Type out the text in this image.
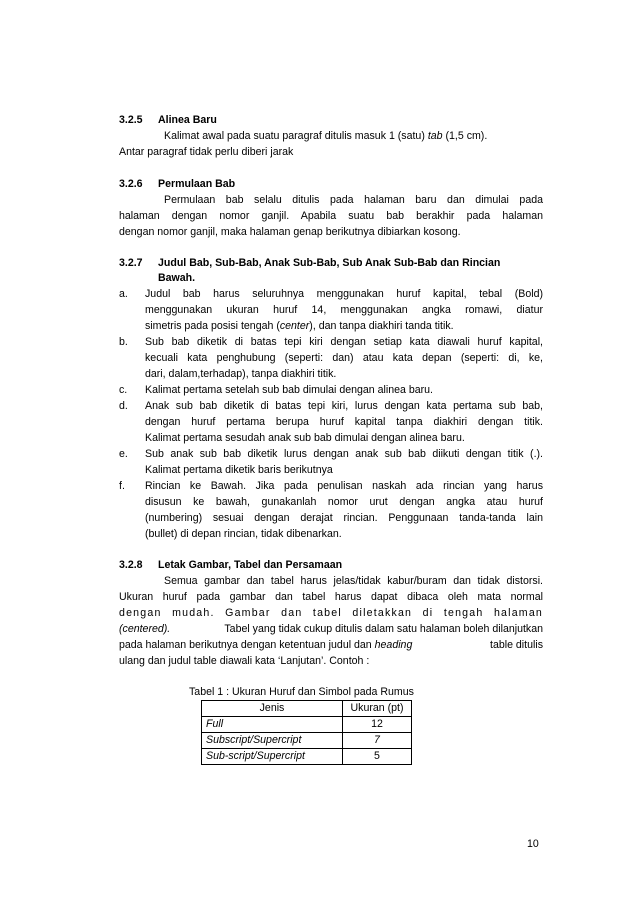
3.2.5 Alinea Baru
Kalimat awal pada suatu paragraf ditulis masuk 1 (satu) tab (1,5 cm).
Antar paragraf tidak perlu diberi jarak
3.2.6 Permulaan Bab
Permulaan bab selalu ditulis pada halaman baru dan dimulai pada
halaman dengan nomor ganjil. Apabila suatu bab berakhir pada halaman
dengan nomor ganjil, maka halaman genap berikutnya dibiarkan kosong.
3.2.7 Judul Bab, Sub-Bab, Anak Sub-Bab, Sub Anak Sub-Bab dan Rincian
Bawah.
a. Judul bab harus seluruhnya menggunakan huruf kapital, tebal (Bold)
menggunakan ukuran huruf 14, menggunakan angka romawi, diatur
simetris pada posisi tengah (center), dan tanpa diakhiri tanda titik.
b. Sub bab diketik di batas tepi kiri dengan setiap kata diawali huruf kapital,
kecuali kata penghubung (seperti: dan) atau kata depan (seperti: di, ke,
dari, dalam,terhadap), tanpa diakhiri titik.
c. Kalimat pertama setelah sub bab dimulai dengan alinea baru.
d. Anak sub bab diketik di batas tepi kiri, lurus dengan kata pertama sub bab,
dengan huruf pertama berupa huruf kapital tanpa diakhiri dengan titik.
Kalimat pertama sesudah anak sub bab dimulai dengan alinea baru.
e. Sub anak sub bab diketik lurus dengan anak sub bab diikuti dengan titik (.).
Kalimat pertama diketik baris berikutnya
f. Rincian ke Bawah. Jika pada penulisan naskah ada rincian yang harus
disusun ke bawah, gunakanlah nomor urut dengan angka atau huruf
(numbering) sesuai dengan derajat rincian. Penggunaan tanda-tanda lain
(bullet) di depan rincian, tidak dibenarkan.
3.2.8 Letak Gambar, Tabel dan Persamaan
Semua gambar dan tabel harus jelas/tidak kabur/buram dan tidak distorsi.
Ukuran huruf pada gambar dan tabel harus dapat dibaca oleh mata normal
dengan mudah. Gambar dan tabel diletakkan di tengah halaman
(centered).	Tabel yang tidak cukup ditulis dalam satu halaman boleh dilanjutkan
pada halaman berikutnya dengan ketentuan judul dan heading	table ditulis
ulang dan judul table diawali kata ‘Lanjutan’. Contoh :
Tabel 1 : Ukuran Huruf dan Simbol pada Rumus
Jenis	Ukuran (pt)
Full	12
Subscript/Supercript	7
Sub-script/Supercript	5
10
